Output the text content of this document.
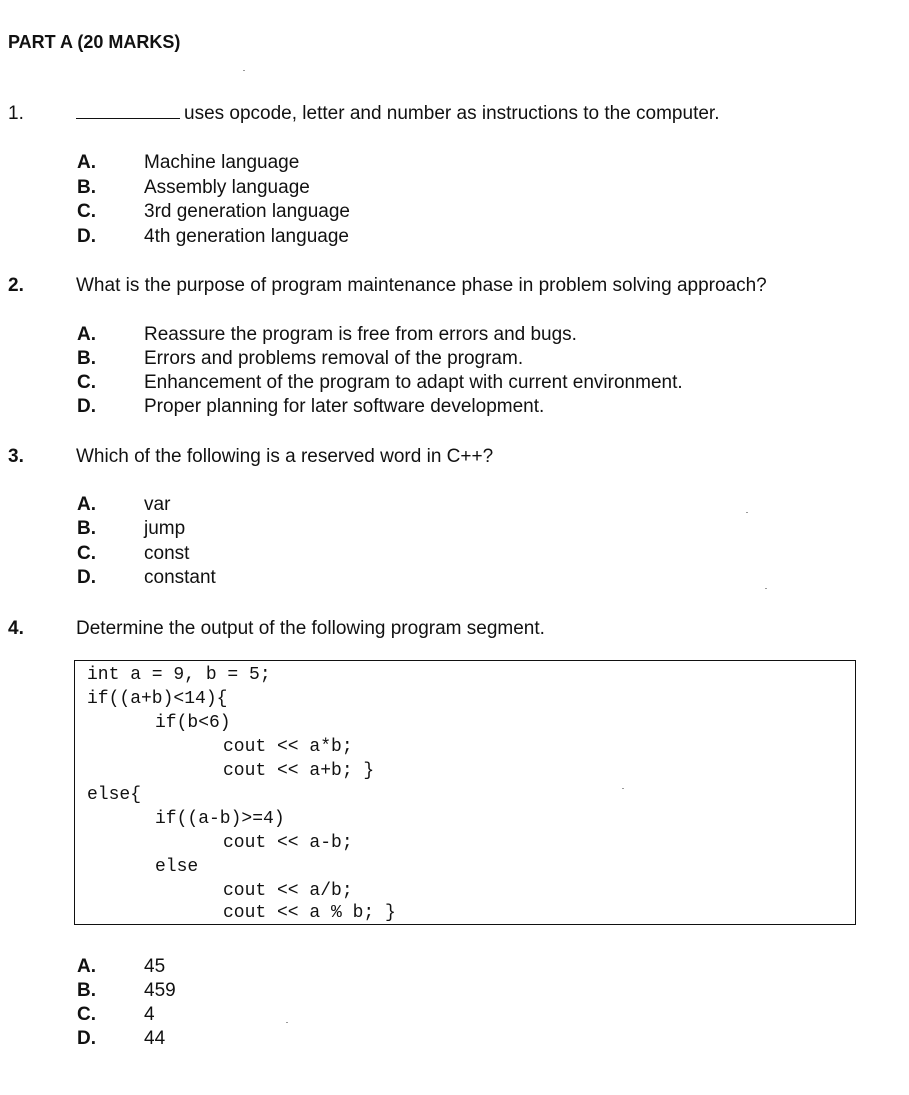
PART A (20 MARKS)
1.	uses opcode, letter and number as instructions to the computer.
A.	Machine language
B.	Assembly language
C.	3rd generation language
D.	4th generation language
2.	What is the purpose of program maintenance phase in problem solving approach?
A.	Reassure the program is free from errors and bugs.
B.	Errors and problems removal of the program.
C.	Enhancement of the program to adapt with current environment.
D.	Proper planning for later software development.
3.	Which of the following is a reserved word in C++?
A.	var
B.	jump
C.	const
D.	constant
4.	Determine the output of the following program segment.
int a = 9, b = 5;
if((a+b)<14){
if(b<6)
cout << a*b;
cout << a+b; }
else{
if((a-b)>=4)
cout << a-b;
else
cout << a/b;
cout << a % b; }
A.	45
B.	459
C.	4
D.	44
